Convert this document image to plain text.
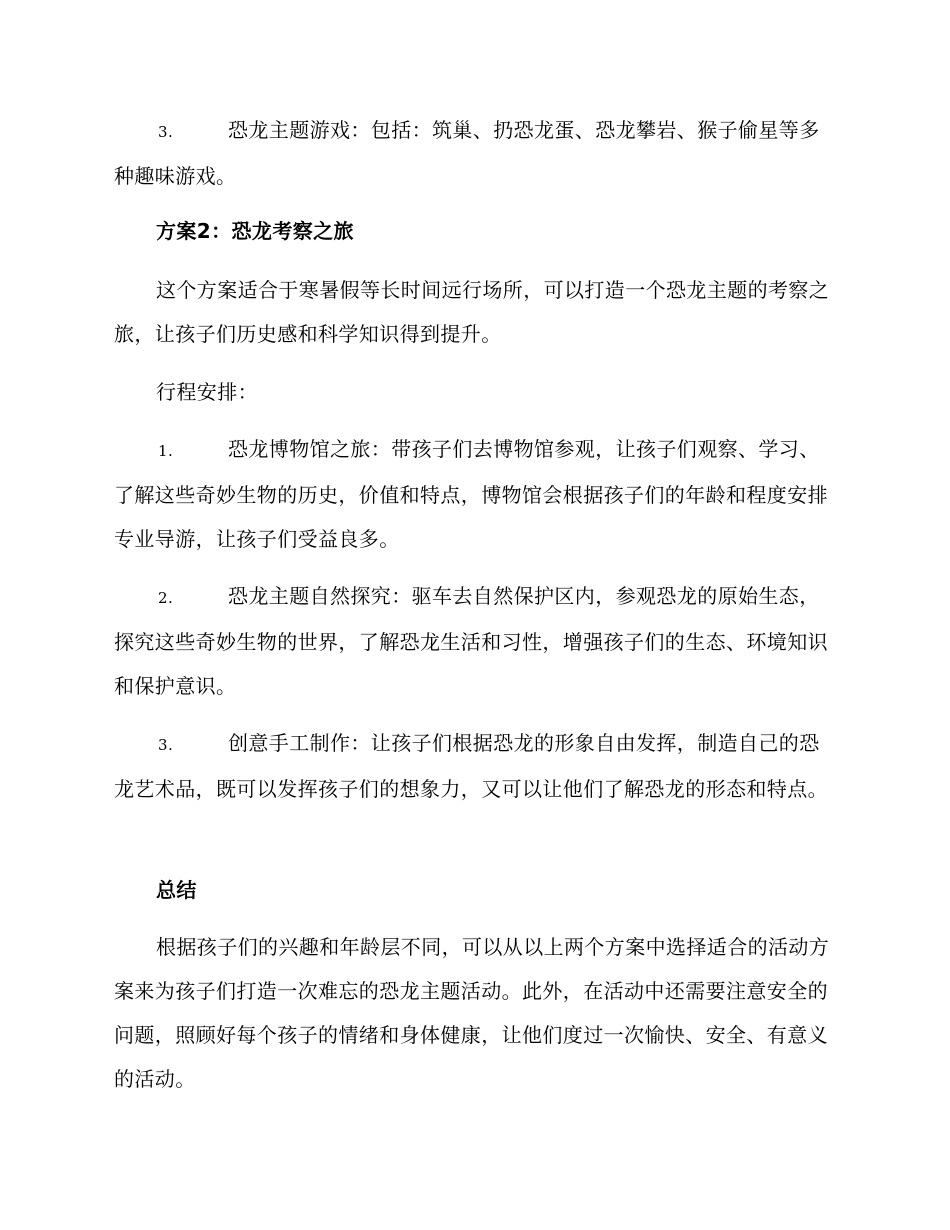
3.	恐龙主题游戏：包括：筑巢、扔恐龙蛋、恐龙攀岩、猴子偷星等多种趣味游戏。
方案2：恐龙考察之旅
这个方案适合于寒暑假等长时间远行场所，可以打造一个恐龙主题的考察之旅，让孩子们历史感和科学知识得到提升。
行程安排：
1.	恐龙博物馆之旅：带孩子们去博物馆参观，让孩子们观察、学习、了解这些奇妙生物的历史，价值和特点，博物馆会根据孩子们的年龄和程度安排专业导游，让孩子们受益良多。
2.	恐龙主题自然探究：驱车去自然保护区内，参观恐龙的原始生态，探究这些奇妙生物的世界，了解恐龙生活和习性，增强孩子们的生态、环境知识和保护意识。
3.	创意手工制作：让孩子们根据恐龙的形象自由发挥，制造自己的恐龙艺术品，既可以发挥孩子们的想象力，又可以让他们了解恐龙的形态和特点。
总结
根据孩子们的兴趣和年龄层不同，可以从以上两个方案中选择适合的活动方案来为孩子们打造一次难忘的恐龙主题活动。此外，在活动中还需要注意安全的问题，照顾好每个孩子的情绪和身体健康，让他们度过一次愉快、安全、有意义的活动。
